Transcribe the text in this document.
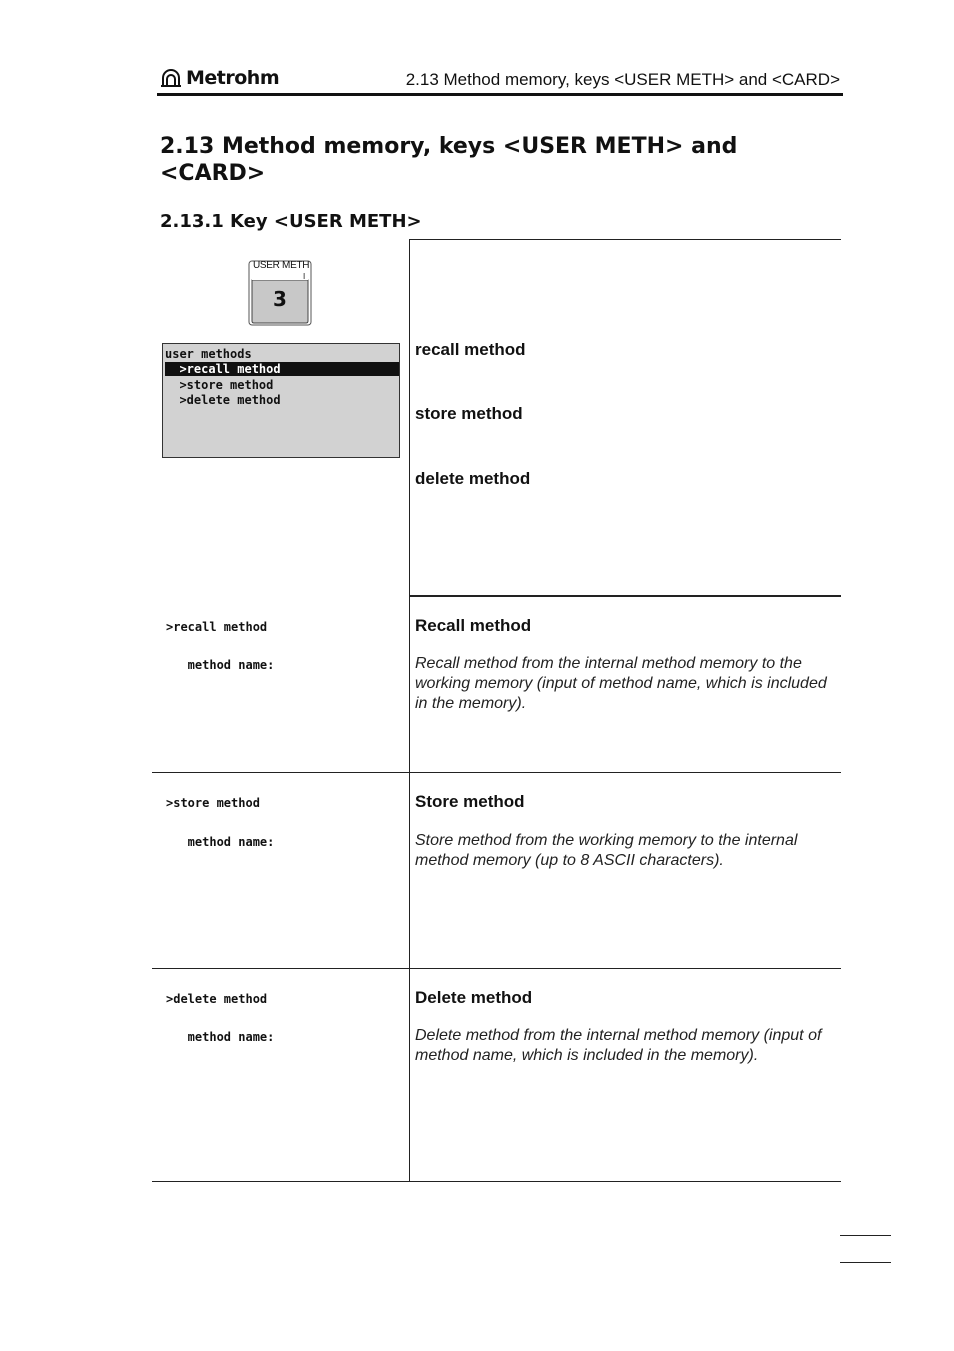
Metrohm	2.13 Method memory, keys <USER METH> and <CARD>
2.13 Method memory, keys <USER METH> and <CARD>
2.13.1 Key <USER METH>
USER METH
I
3
user methods
>recall method
>store method
>delete method
recall method
store method
delete method
>recall method
method name:
Recall method
Recall method from the internal method memory to the working memory (input of method name, which is included in the memory).
>store method
method name:
Store method
Store method from the working memory to the internal method memory (up to 8 ASCII characters).
>delete method
method name:
Delete method
Delete method from the internal method memory (input of method name, which is included in the memory).
